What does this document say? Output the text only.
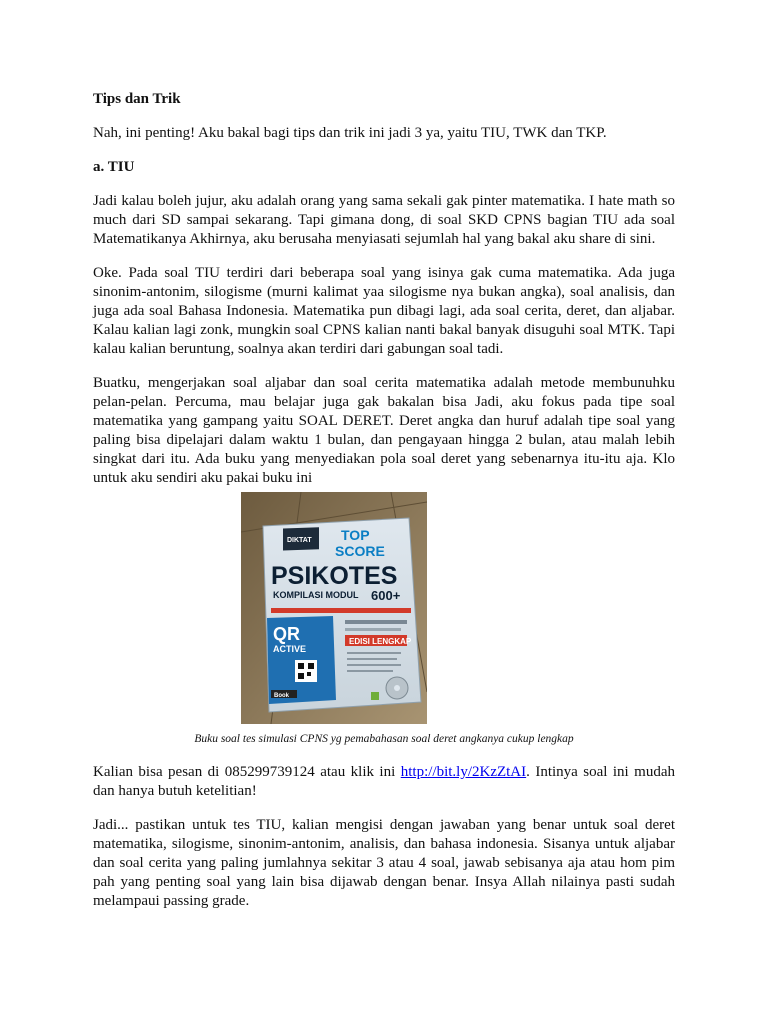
Tips dan Trik

Nah, ini penting! Aku bakal bagi tips dan trik ini jadi 3 ya, yaitu TIU, TWK dan TKP.

a. TIU

Jadi kalau boleh jujur, aku adalah orang yang sama sekali gak pinter matematika. I hate math so much dari SD sampai sekarang. Tapi gimana dong, di soal SKD CPNS bagian TIU ada soal Matematikanya Akhirnya, aku berusaha menyiasati sejumlah hal yang bakal aku share di sini.

Oke. Pada soal TIU terdiri dari beberapa soal yang isinya gak cuma matematika. Ada juga sinonim-antonim, silogisme (murni kalimat yaa silogisme nya bukan angka), soal analisis, dan juga ada soal Bahasa Indonesia. Matematika pun dibagi lagi, ada soal cerita, deret, dan aljabar. Kalau kalian lagi zonk, mungkin soal CPNS kalian nanti bakal banyak disuguhi soal MTK. Tapi kalau kalian beruntung, soalnya akan terdiri dari gabungan soal tadi.

Buatku, mengerjakan soal aljabar dan soal cerita matematika adalah metode membunuhku pelan-pelan. Percuma, mau belajar juga gak bakalan bisa Jadi, aku fokus pada tipe soal matematika yang gampang yaitu SOAL DERET. Deret angka dan huruf adalah tipe soal yang paling bisa dipelajari dalam waktu 1 bulan, dan pengayaan hingga 2 bulan, atau malah lebih singkat dari itu. Ada buku yang menyediakan pola soal deret yang sebenarnya itu-itu aja. Klo untuk aku sendiri aku pakai buku ini

DIKTAT TOP
SCORE
PSIKOTES
KOMPILASI MODUL 600+
QR
ACTIVE
EDISI LENGKAP
Book
Buku soal tes simulasi CPNS yg pemabahasan soal deret angkanya cukup lengkap

Kalian bisa pesan di 085299739124 atau klik ini http://bit.ly/2KzZtAI. Intinya soal ini mudah dan hanya butuh ketelitian!

Jadi... pastikan untuk tes TIU, kalian mengisi dengan jawaban yang benar untuk soal deret matematika, silogisme, sinonim-antonim, analisis, dan bahasa indonesia. Sisanya untuk aljabar dan soal cerita yang paling jumlahnya sekitar 3 atau 4 soal, jawab sebisanya aja atau hom pim pah yang penting soal yang lain bisa dijawab dengan benar. Insya Allah nilainya pasti sudah melampaui passing grade.
